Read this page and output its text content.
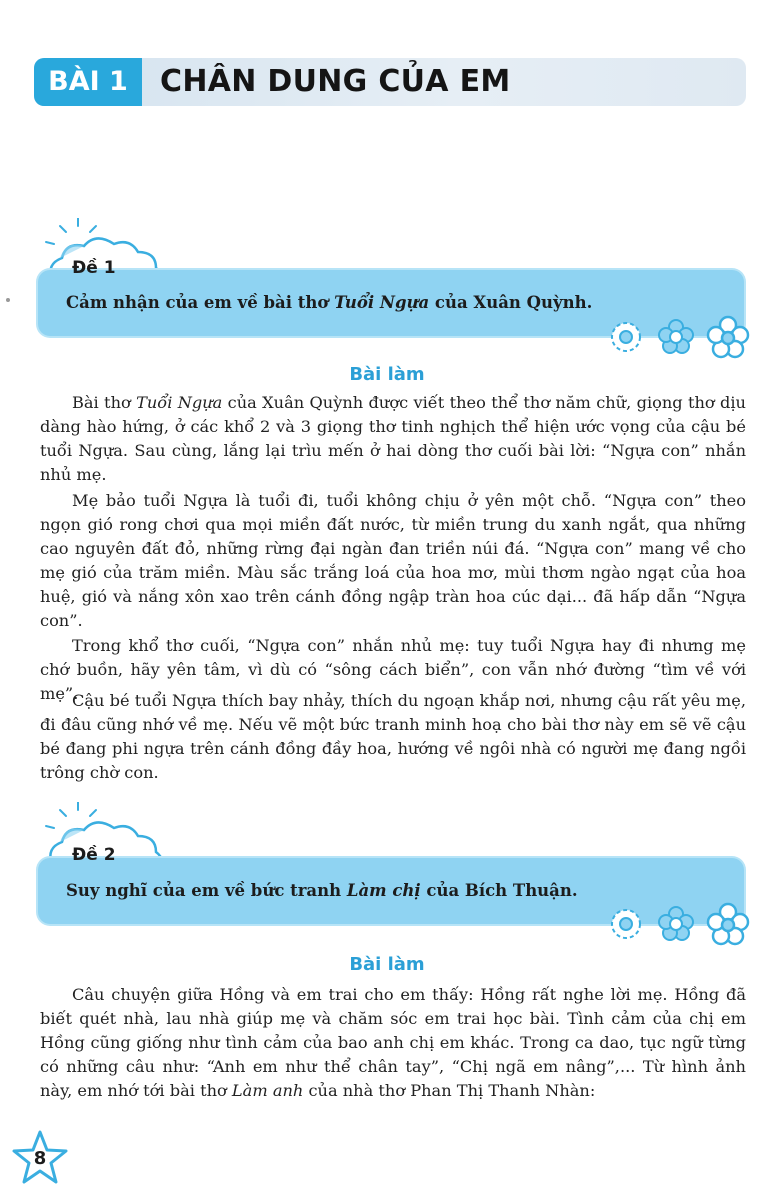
BÀI 1	CHÂN DUNG CỦA EM
Cảm nhận của em về bài thơ Tuổi Ngựa của Xuân Quỳnh.
Đề 1
Bài làm

Bài thơ Tuổi Ngựa của Xuân Quỳnh được viết theo thể thơ năm chữ, giọng thơ dịu dàng hào hứng, ở các khổ 2 và 3 giọng thơ tinh nghịch thể hiện ước vọng của cậu bé tuổi Ngựa. Sau cùng, lắng lại trìu mến ở hai dòng thơ cuối bài lời: “Ngựa con” nhắn nhủ mẹ.

Mẹ bảo tuổi Ngựa là tuổi đi, tuổi không chịu ở yên một chỗ. “Ngựa con” theo ngọn gió rong chơi qua mọi miền đất nước, từ miền trung du xanh ngắt, qua những cao nguyên đất đỏ, những rừng đại ngàn đan triền núi đá. “Ngựa con” mang về cho mẹ gió của trăm miền. Màu sắc trắng loá của hoa mơ, mùi thơm ngào ngạt của hoa huệ, gió và nắng xôn xao trên cánh đồng ngập tràn hoa cúc dại... đã hấp dẫn “Ngựa con”.

Trong khổ thơ cuối, “Ngựa con” nhắn nhủ mẹ: tuy tuổi Ngựa hay đi nhưng mẹ chớ buồn, hãy yên tâm, vì dù có “sông cách biển”, con vẫn nhớ đường “tìm về với mẹ”.

Cậu bé tuổi Ngựa thích bay nhảy, thích du ngoạn khắp nơi, nhưng cậu rất yêu mẹ, đi đâu cũng nhớ về mẹ. Nếu vẽ một bức tranh minh hoạ cho bài thơ này em sẽ vẽ cậu bé đang phi ngựa trên cánh đồng đầy hoa, hướng về ngôi nhà có người mẹ đang ngồi trông chờ con.

Suy nghĩ của em về bức tranh Làm chị của Bích Thuận.
Đề 2
Bài làm

Câu chuyện giữa Hồng và em trai cho em thấy: Hồng rất nghe lời mẹ. Hồng đã biết quét nhà, lau nhà giúp mẹ và chăm sóc em trai học bài. Tình cảm của chị em Hồng cũng giống như tình cảm của bao anh chị em khác. Trong ca dao, tục ngữ từng có những câu như: “Anh em như thể chân tay”, “Chị ngã em nâng”,... Từ hình ảnh này, em nhớ tới bài thơ Làm anh của nhà thơ Phan Thị Thanh Nhàn:

8
